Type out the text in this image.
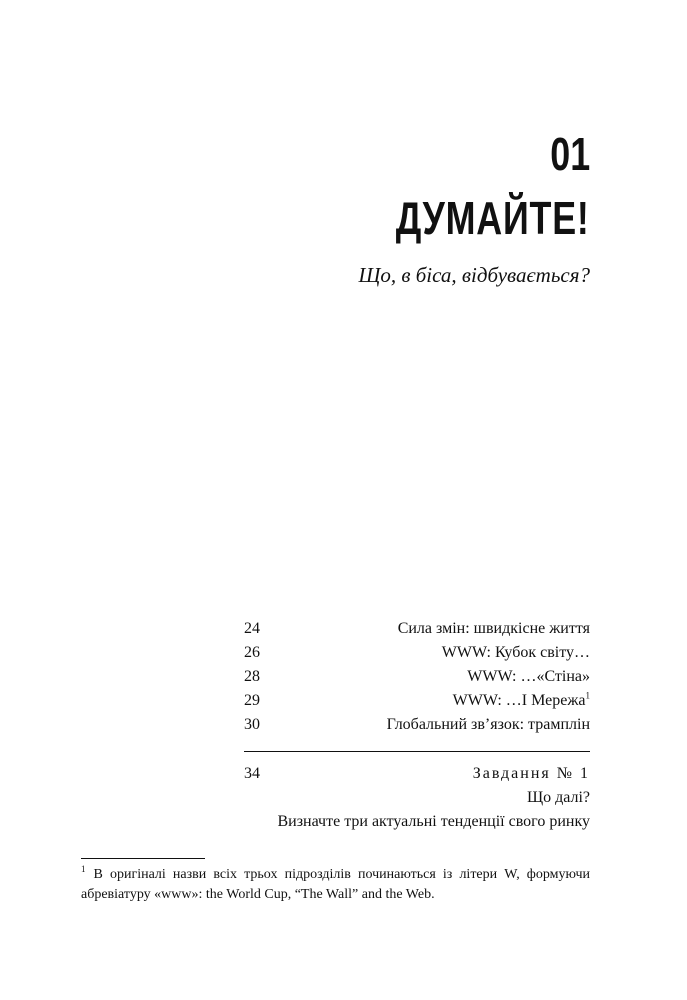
01
ДУМАЙТЕ!
Що, в біса, відбувається?
24	Сила змін: швидкісне життя
26	WWW: Кубок світу…
28	WWW: …«Стіна»
29	WWW: …І Мережа$^1$
30	Глобальний зв’язок: трамплін
34	Завдання № 1
Що далі?
Визначте три актуальні тенденції свого ринку
$^1$ В оригіналі назви всіх трьох підрозділів починаються із літери W, формуючи абревіатуру «www»: the World Cup, “The Wall” and the Web.
